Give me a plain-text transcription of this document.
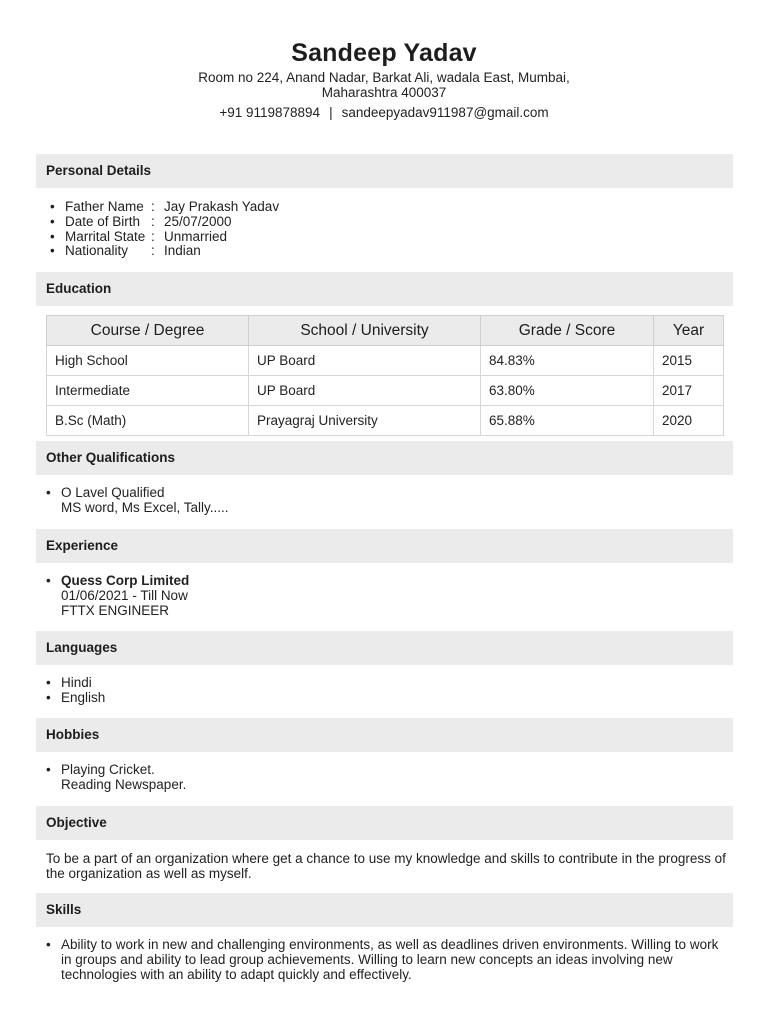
Sandeep Yadav
Room no 224, Anand Nadar, Barkat Ali, wadala East, Mumbai,
Maharashtra 400037
+91 9119878894 | sandeepyadav911987@gmail.com
Personal Details
• Father Name : Jay Prakash Yadav
• Date of Birth : 25/07/2000
• Marrital State : Unmarried
• Nationality : Indian
Education
Course / Degree	School / University	Grade / Score	Year
High School	UP Board	84.83%	2015
Intermediate	UP Board	63.80%	2017
B.Sc (Math)	Prayagraj University	65.88%	2020
Other Qualifications
• O Lavel Qualified
MS word, Ms Excel, Tally.....
Experience
• Quess Corp Limited
01/06/2021 - Till Now
FTTX ENGINEER
Languages
• Hindi
• English
Hobbies
• Playing Cricket.
Reading Newspaper.
Objective
To be a part of an organization where get a chance to use my knowledge and skills to contribute in the progress of the organization as well as myself.
Skills
• Ability to work in new and challenging environments, as well as deadlines driven environments. Willing to work in groups and ability to lead group achievements. Willing to learn new concepts an ideas involving new technologies with an ability to adapt quickly and effectively.
